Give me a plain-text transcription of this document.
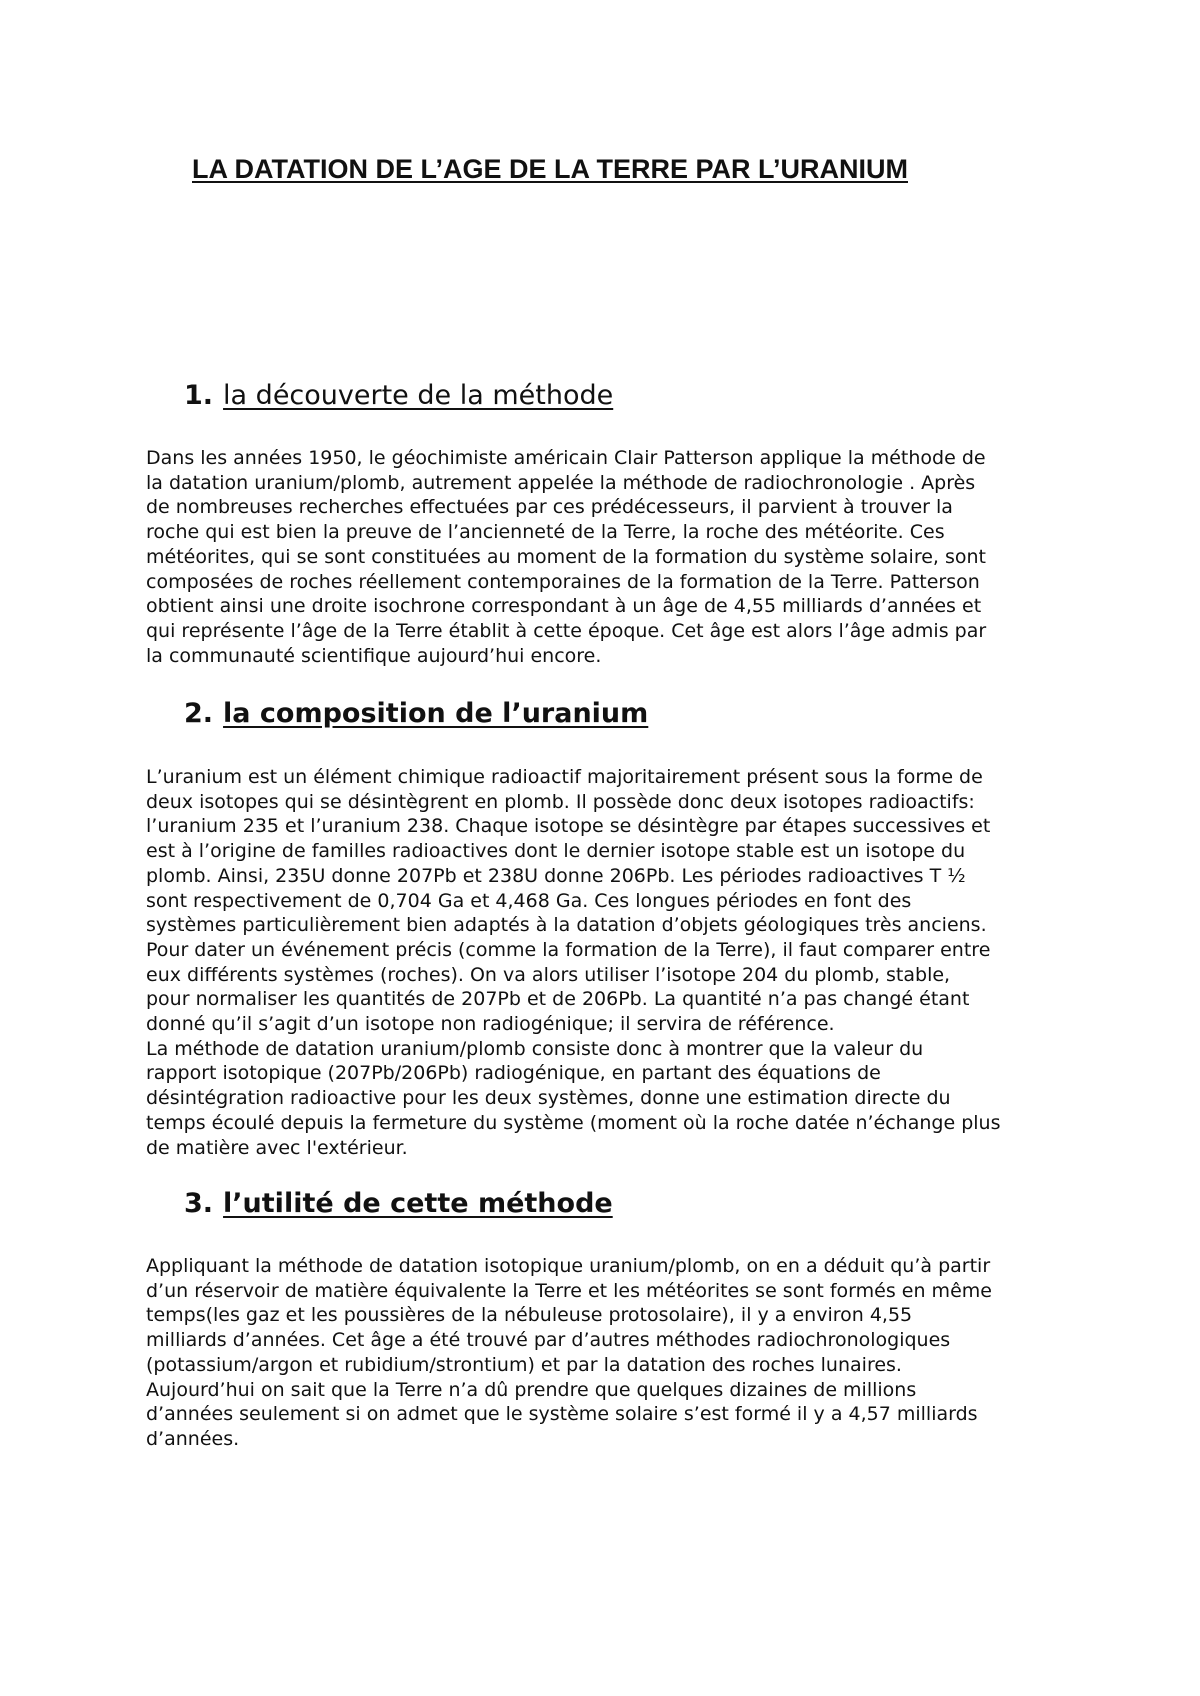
LA DATATION DE L’AGE DE LA TERRE PAR L’URANIUM
1. la découverte de la méthode

Dans les années 1950, le géochimiste américain Clair Patterson applique la méthode de
la datation uranium/plomb, autrement appelée la méthode de radiochronologie . Après
de nombreuses recherches effectuées par ces prédécesseurs, il parvient à trouver la
roche qui est bien la preuve de l’ancienneté de la Terre, la roche des météorite. Ces
météorites, qui se sont constituées au moment de la formation du système solaire, sont
composées de roches réellement contemporaines de la formation de la Terre. Patterson
obtient ainsi une droite isochrone correspondant à un âge de 4,55 milliards d’années et
qui représente l’âge de la Terre établit à cette époque. Cet âge est alors l’âge admis par
la communauté scientifique aujourd’hui encore.

2. la composition de l’uranium

L’uranium est un élément chimique radioactif majoritairement présent sous la forme de
deux isotopes qui se désintègrent en plomb. Il possède donc deux isotopes radioactifs:
l’uranium 235 et l’uranium 238. Chaque isotope se désintègre par étapes successives et
est à l’origine de familles radioactives dont le dernier isotope stable est un isotope du
plomb. Ainsi, 235U donne 207Pb et 238U donne 206Pb. Les périodes radioactives T ½
sont respectivement de 0,704 Ga et 4,468 Ga. Ces longues périodes en font des
systèmes particulièrement bien adaptés à la datation d’objets géologiques très anciens.
Pour dater un événement précis (comme la formation de la Terre), il faut comparer entre
eux différents systèmes (roches). On va alors utiliser l’isotope 204 du plomb, stable,
pour normaliser les quantités de 207Pb et de 206Pb. La quantité n’a pas changé étant
donné qu’il s’agit d’un isotope non radiogénique; il servira de référence.
La méthode de datation uranium/plomb consiste donc à montrer que la valeur du
rapport isotopique (207Pb/206Pb) radiogénique, en partant des équations de
désintégration radioactive pour les deux systèmes, donne une estimation directe du
temps écoulé depuis la fermeture du système (moment où la roche datée n’échange plus
de matière avec l'extérieur.

3. l’utilité de cette méthode

Appliquant la méthode de datation isotopique uranium/plomb, on en a déduit qu’à partir
d’un réservoir de matière équivalente la Terre et les météorites se sont formés en même
temps(les gaz et les poussières de la nébuleuse protosolaire), il y a environ 4,55
milliards d’années. Cet âge a été trouvé par d’autres méthodes radiochronologiques
(potassium/argon et rubidium/strontium) et par la datation des roches lunaires.
Aujourd’hui on sait que la Terre n’a dû prendre que quelques dizaines de millions
d’années seulement si on admet que le système solaire s’est formé il y a 4,57 milliards
d’années.
